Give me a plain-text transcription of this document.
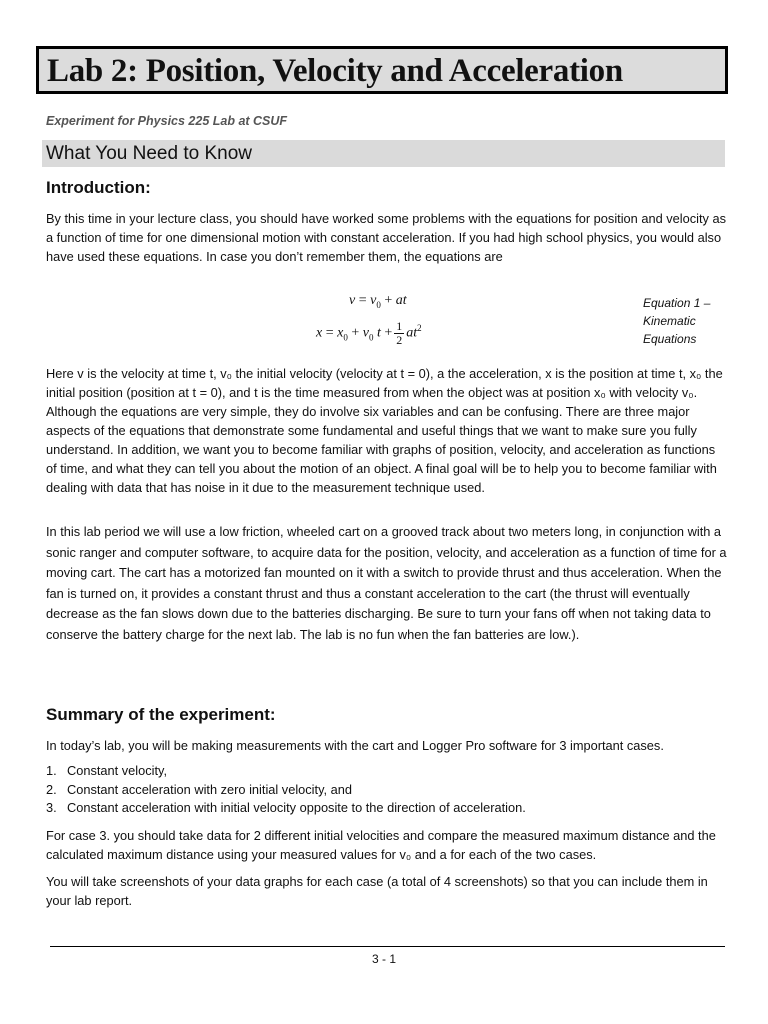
Lab 2: Position, Velocity and Acceleration
Experiment for Physics 225 Lab at CSUF
What You Need to Know
Introduction:

By this time in your lecture class, you should have worked some problems with the equations for position and velocity as a function of time for one dimensional motion with constant acceleration. If you had high school physics, you would also have used these equations. In case you don’t remember them, the equations are

$v = v_0$ + at
$x = x_0 + v_0$ $t + \frac{1}{2} at^2$
Equation 1 – Kinematic Equations

Here v is the velocity at time t, v₀ the initial velocity (velocity at t = 0), a the acceleration, x is the position at time t, x₀ the initial position (position at t = 0), and t is the time measured from when the object was at position x₀ with velocity v₀. Although the equations are very simple, they do involve six variables and can be confusing. There are three major aspects of the equations that demonstrate some fundamental and useful things that we want to make sure you fully understand. In addition, we want you to become familiar with graphs of position, velocity, and acceleration as functions of time, and what they can tell you about the motion of an object. A final goal will be to help you to become familiar with dealing with data that has noise in it due to the measurement technique used.

In this lab period we will use a low friction, wheeled cart on a grooved track about two meters long, in conjunction with a sonic ranger and computer software, to acquire data for the position, velocity, and acceleration as a function of time for a moving cart. The cart has a motorized fan mounted on it with a switch to provide thrust and thus acceleration. When the fan is turned on, it provides a constant thrust and thus a constant acceleration to the cart (the thrust will eventually decrease as the fan slows down due to the batteries discharging. Be sure to turn your fans off when not taking data to conserve the battery charge for the next lab. The lab is no fun when the fan batteries are low.).

Summary of the experiment:

In today’s lab, you will be making measurements with the cart and Logger Pro software for 3 important cases.

1. Constant velocity,
2. Constant acceleration with zero initial velocity, and
3. Constant acceleration with initial velocity opposite to the direction of acceleration.

For case 3. you should take data for 2 different initial velocities and compare the measured maximum distance and the calculated maximum distance using your measured values for v₀ and a for each of the two cases.

You will take screenshots of your data graphs for each case (a total of 4 screenshots) so that you can include them in your lab report.

3 - 1
